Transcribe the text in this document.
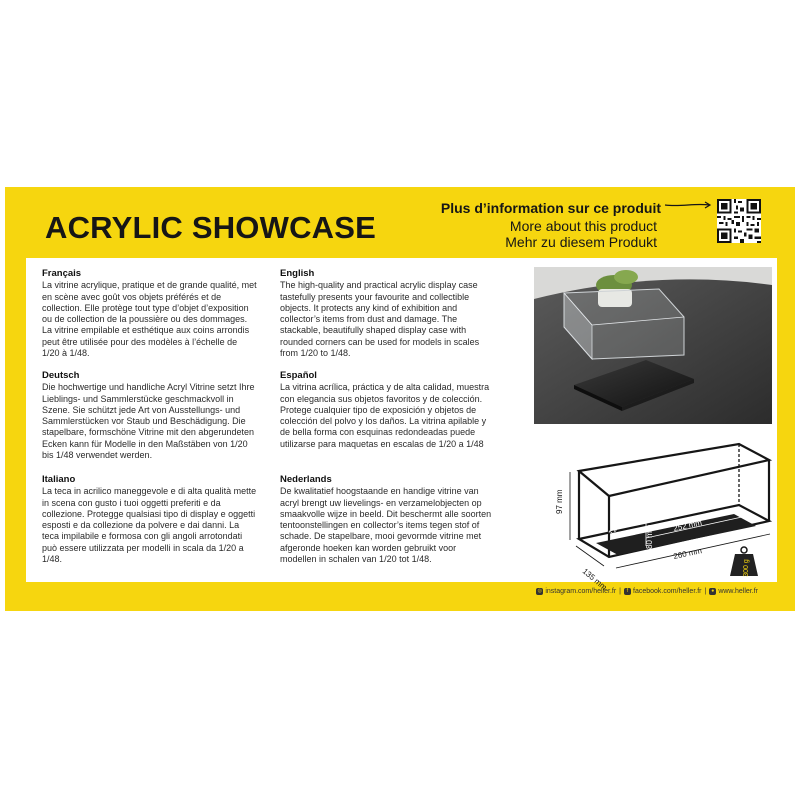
ACRYLIC SHOWCASE
Plus d’information sur ce produit
More about this product
Mehr zu diesem Produkt
Français

La vitrine acrylique, pratique et de grande qualité, met en scène avec goût vos objets préférés et de collection. Elle protège tout type d’objet d’exposition ou de collection de la poussière ou des dommages. La vitrine empilable et esthétique aux coins arrondis peut être utilisée pour des modèles à l’échelle de 1/20 à 1/48.

English

The high-quality and practical acrylic display case tastefully presents your favourite and collectible objects. It protects any kind of exhibition and collector’s items from dust and damage. The stackable, beautifully shaped display case with rounded corners can be used for models in scales from 1/20 to 1/48.

Deutsch

Die hochwertige und handliche Acryl Vitrine setzt Ihre Lieblings- und Sammlerstücke geschmackvoll in Szene. Sie schützt jede Art von Ausstellungs- und Sammlerstücken vor Staub und Beschädigung. Die stapelbare, formschöne Vitrine mit den abgerundeten Ecken kann für Modelle in den Maßstäben von 1/20 bis 1/48 verwendet werden.

Español

La vitrina acrílica, práctica y de alta calidad, muestra con elegancia sus objetos favoritos y de colección. Protege cualquier tipo de exposición y objetos de colección del polvo y los daños. La vitrina apilable y de bella forma con esquinas redondeadas puede utilizarse para maquetas en escalas de 1/20 a 1/48

Italiano

La teca in acrilico maneggevole e di alta qualità mette in scena con gusto i tuoi oggetti preferiti e da collezione. Protegge qualsiasi tipo di display e oggetti esposti e da collezione da polvere e dai danni. La teca impilabile e formosa con gli angoli arrotondati può essere utilizzata per modelli in scala da 1/20 a 1/48.

Nederlands

De kwalitatief hoogstaande en handige vitrine van acryl brengt uw lievelings- en verzamelobjecten op smaakvolle wijze in beeld. Dit beschermt alle soorten tentoonstellingen en collector’s items tegen stof of schade. De stapelbare, mooi gevormde vitrine met afgeronde hoeken kan worden gebruikt voor modellen in schalen van 1/20 tot 1/48.

97 mm
135 mm
260 mm
252 mm
127 mm 80 mm
300 g
◎ instagram.com/heller.fr |	f facebook.com/heller.fr | ● www.heller.fr
